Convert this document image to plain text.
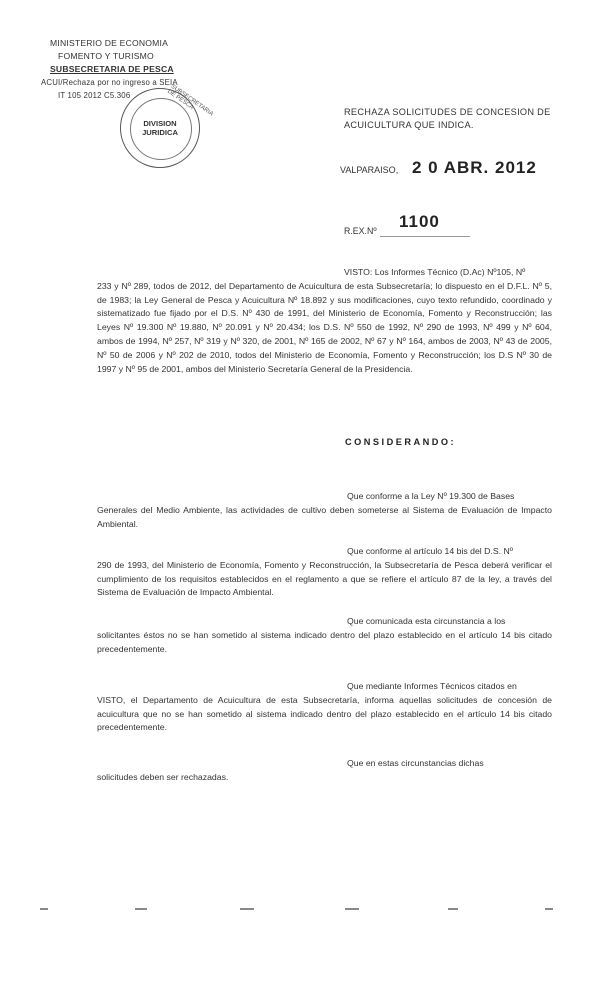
MINISTERIO DE ECONOMIA
FOMENTO Y TURISMO
SUBSECRETARIA DE PESCA
ACUI/Rechaza por no ingreso a SEIA
IT 105 2012 C5.306	SUBSECRETARIA DE PESCA
DIVISION
JURIDICA
RECHAZA SOLICITUDES DE CONCESION DE
ACUICULTURA QUE INDICA.
VALPARAISO, 2 0 ABR. 2012
R.EX.Nº 1100
VISTO: Los Informes Técnico (D.Ac) Nº105, Nº
233 y Nº 289, todos de 2012, del Departamento de Acuicultura de esta Subsecretaría; lo dispuesto en el D.F.L. Nº 5, de 1983; la Ley General de Pesca y Acuicultura Nº 18.892 y sus modificaciones, cuyo texto refundido, coordinado y sistematizado fue fijado por el D.S. Nº 430 de 1991, del Ministerio de Economía, Fomento y Reconstrucción; las Leyes Nº 19.300 Nº 19.880, Nº 20.091 y Nº 20.434; los D.S. Nº 550 de 1992, Nº 290 de 1993, Nº 499 y Nº 604, ambos de 1994, Nº 257, Nº 319 y Nº 320, de 2001, Nº 165 de 2002, Nº 67 y Nº 164, ambos de 2003, Nº 43 de 2005, Nº 50 de 2006 y Nº 202 de 2010, todos del Ministerio de Economía, Fomento y Reconstrucción; los D.S Nº 30 de 1997 y Nº 95 de 2001, ambos del Ministerio Secretaría General de la Presidencia.
CONSIDERANDO:
Que conforme a la Ley Nº 19.300 de Bases
Generales del Medio Ambiente, las actividades de cultivo deben someterse al Sistema de Evaluación de Impacto Ambiental.
Que conforme al artículo 14 bis del D.S. Nº
290 de 1993, del Ministerio de Economía, Fomento y Reconstrucción, la Subsecretaría de Pesca deberá verificar el cumplimiento de los requisitos establecidos en el reglamento a que se refiere el artículo 87 de la ley, a través del Sistema de Evaluación de Impacto Ambiental.
Que comunicada esta circunstancia a los
solicitantes éstos no se han sometido al sistema indicado dentro del plazo establecido en el artículo 14 bis citado precedentemente.
Que mediante Informes Técnicos citados en
VISTO, el Departamento de Acuicultura de esta Subsecretaría, informa aquellas solicitudes de concesión de acuicultura que no se han sometido al sistema indicado dentro del plazo establecido en el artículo 14 bis citado precedentemente.
Que en estas circunstancias dichas
solicitudes deben ser rechazadas.
